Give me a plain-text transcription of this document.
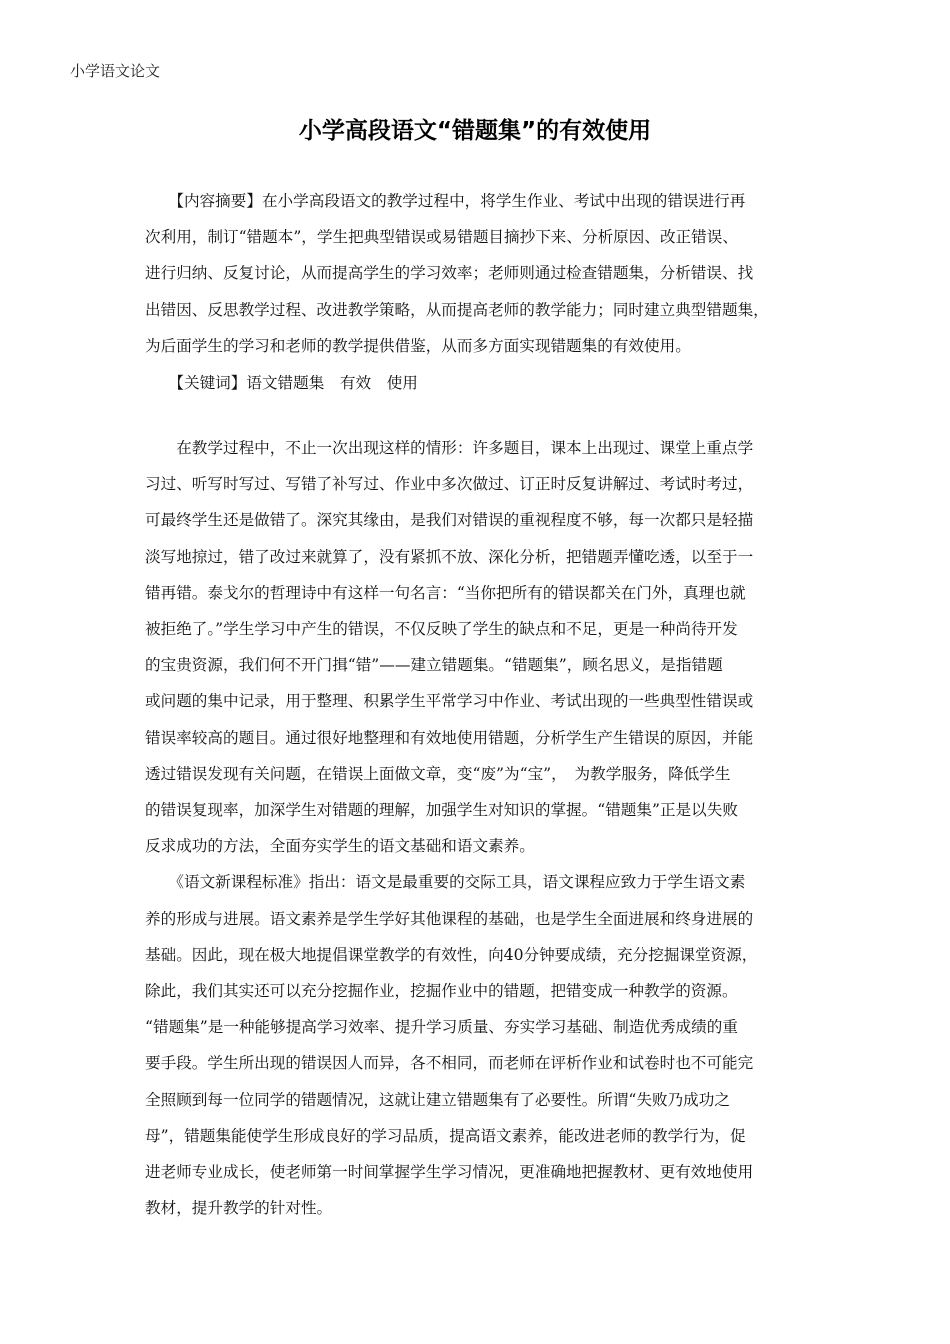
小学语文论文
小学高段语文“错题集”的有效使用
　　【内容摘要】在小学高段语文的教学过程中，将学生作业、考试中出现的错误进行再
次利用，制订“错题本”，学生把典型错误或易错题目摘抄下来、分析原因、改正错误、
进行归纳、反复讨论，从而提高学生的学习效率；老师则通过检查错题集，分析错误、找
出错因、反思教学过程、改进教学策略，从而提高老师的教学能力；同时建立典型错题集，
为后面学生的学习和老师的教学提供借鉴，从而多方面实现错题集的有效使用。
　　【关键词】语文错题集　有效　使用
　　在教学过程中，不止一次出现这样的情形：许多题目，课本上出现过、课堂上重点学
习过、听写时写过、写错了补写过、作业中多次做过、订正时反复讲解过、考试时考过，
可最终学生还是做错了。深究其缘由，是我们对错误的重视程度不够，每一次都只是轻描
淡写地掠过，错了改过来就算了，没有紧抓不放、深化分析，把错题弄懂吃透，以至于一
错再错。泰戈尔的哲理诗中有这样一句名言：“当你把所有的错误都关在门外，真理也就
被拒绝了。”学生学习中产生的错误，不仅反映了学生的缺点和不足，更是一种尚待开发
的宝贵资源，我们何不开门揖“错”——建立错题集。“错题集”，顾名思义，是指错题
或问题的集中记录，用于整理、积累学生平常学习中作业、考试出现的一些典型性错误或
错误率较高的题目。通过很好地整理和有效地使用错题，分析学生产生错误的原因，并能
透过错误发现有关问题，在错误上面做文章，变“废”为“宝”，　为教学服务，降低学生
的错误复现率，加深学生对错题的理解，加强学生对知识的掌握。“错题集”正是以失败
反求成功的方法，全面夯实学生的语文基础和语文素养。
　　《语文新课程标准》指出：语文是最重要的交际工具，语文课程应致力于学生语文素
养的形成与进展。语文素养是学生学好其他课程的基础，也是学生全面进展和终身进展的
基础。因此，现在极大地提倡课堂教学的有效性，向40分钟要成绩，充分挖掘课堂资源，
除此，我们其实还可以充分挖掘作业，挖掘作业中的错题，把错变成一种教学的资源。
“错题集”是一种能够提高学习效率、提升学习质量、夯实学习基础、制造优秀成绩的重
要手段。学生所出现的错误因人而异，各不相同，而老师在评析作业和试卷时也不可能完
全照顾到每一位同学的错题情况，这就让建立错题集有了必要性。所谓“失败乃成功之
母”，错题集能使学生形成良好的学习品质，提高语文素养，能改进老师的教学行为，促
进老师专业成长，使老师第一时间掌握学生学习情况，更准确地把握教材、更有效地使用
教材，提升教学的针对性。
